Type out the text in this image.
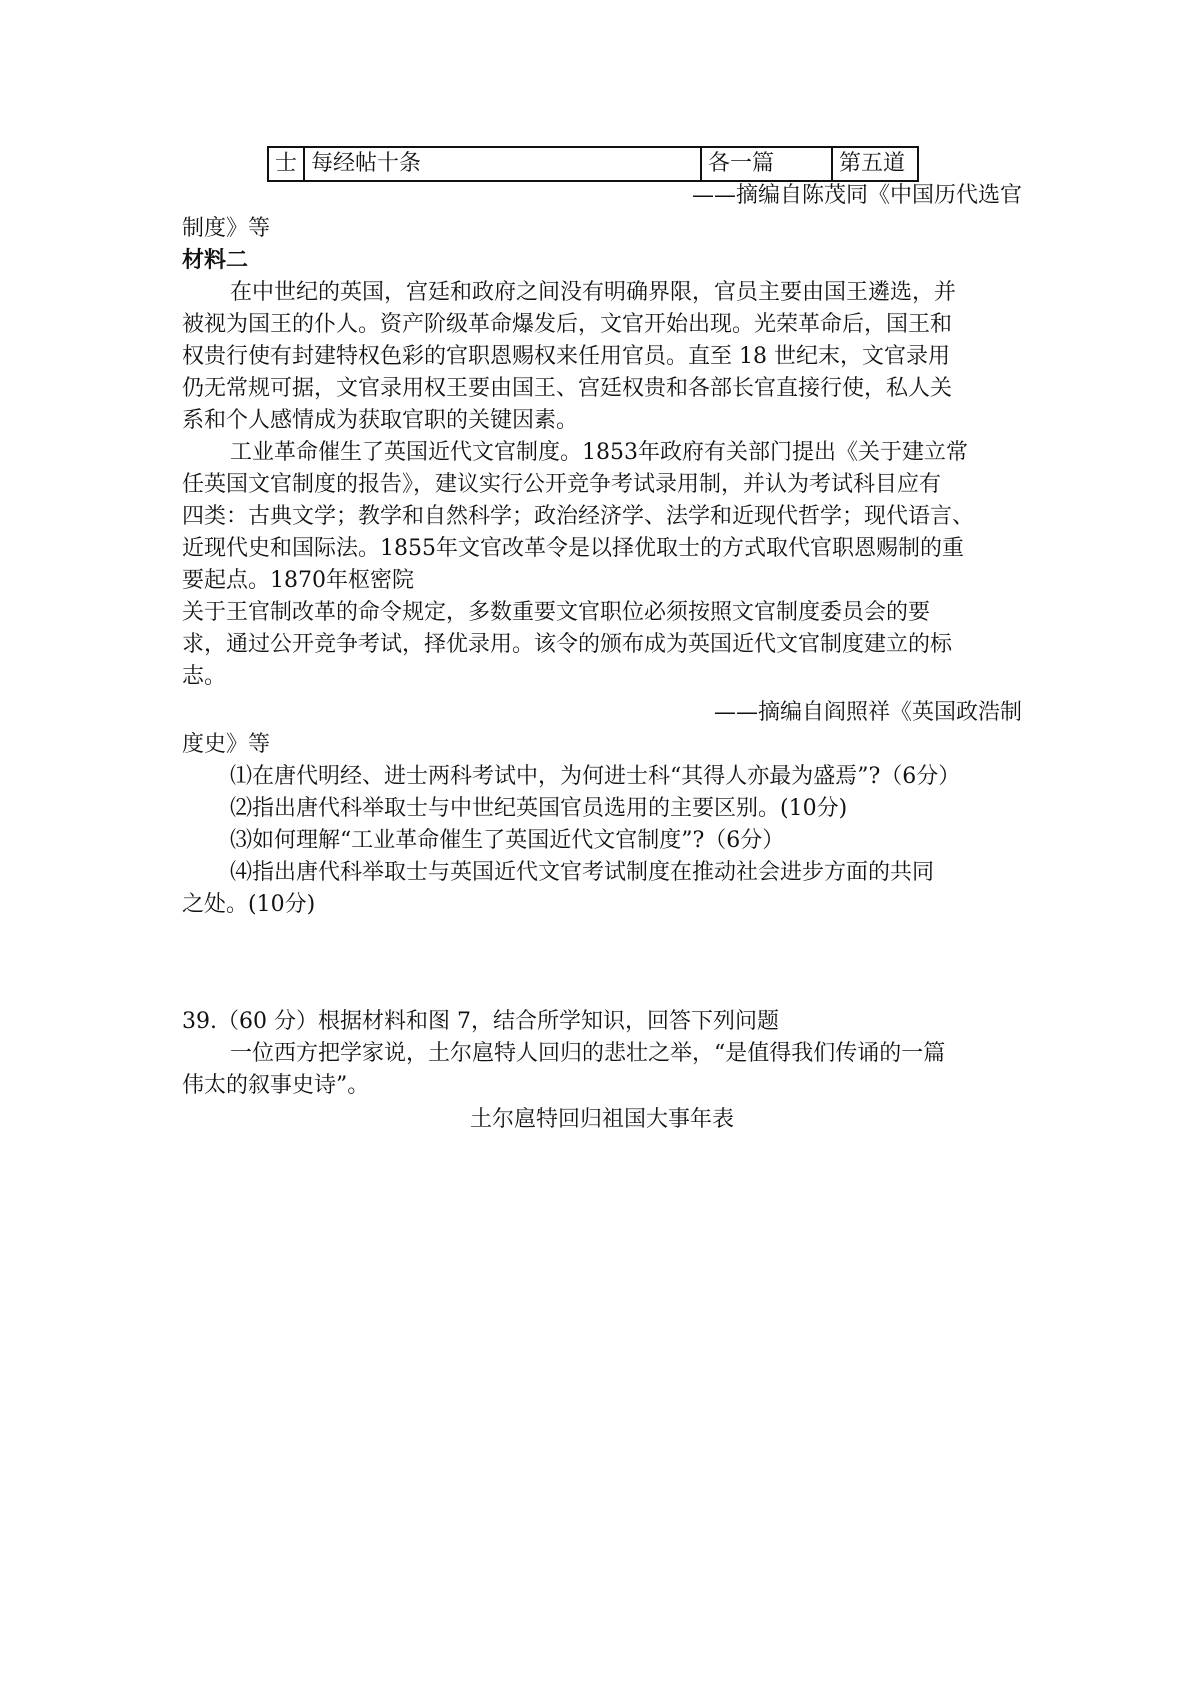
士	每经帖十条	各一篇	第五道
——摘编自陈茂同《中国历代选官
制度》等
材料二
在中世纪的英国，宫廷和政府之间没有明确界限，官员主要由国王遴选，并
被视为国王的仆人。资产阶级革命爆发后，文官开始出现。光荣革命后，国王和
权贵行使有封建特权色彩的官职恩赐权来任用官员。直至 18 世纪末，文官录用
仍无常规可据，文官录用权王要由国王、宫廷权贵和各部长官直接行使，私人关
系和个人感情成为获取官职的关键因素。
工业革命催生了英国近代文官制度。1853年政府有关部门提出《关于建立常
任英国文官制度的报告》，建议实行公开竞争考试录用制，并认为考试科目应有
四类：古典文学；教学和自然科学；政治经济学、法学和近现代哲学；现代语言、
近现代史和国际法。1855年文官改革令是以择优取士的方式取代官职恩赐制的重
要起点。1870年枢密院
关于王官制改革的命令规定，多数重要文官职位必须按照文官制度委员会的要
求，通过公开竞争考试，择优录用。该令的颁布成为英国近代文官制度建立的标
志。
——摘编自阎照祥《英国政浩制
度史》等
⑴在唐代明经、进士两科考试中，为何进士科“其得人亦最为盛焉”?（6分）
⑵指出唐代科举取士与中世纪英国官员选用的主要区别。(10分)
⑶如何理解“工业革命催生了英国近代文官制度”?（6分）
⑷指出唐代科举取士与英国近代文官考试制度在推动社会进步方面的共同
之处。(10分)
39.（60 分）根据材料和图 7，结合所学知识，回答下列问题
一位西方把学家说，土尔扈特人回归的悲壮之举，“是值得我们传诵的一篇
伟太的叙事史诗”。
土尔扈特回归祖国大事年表
